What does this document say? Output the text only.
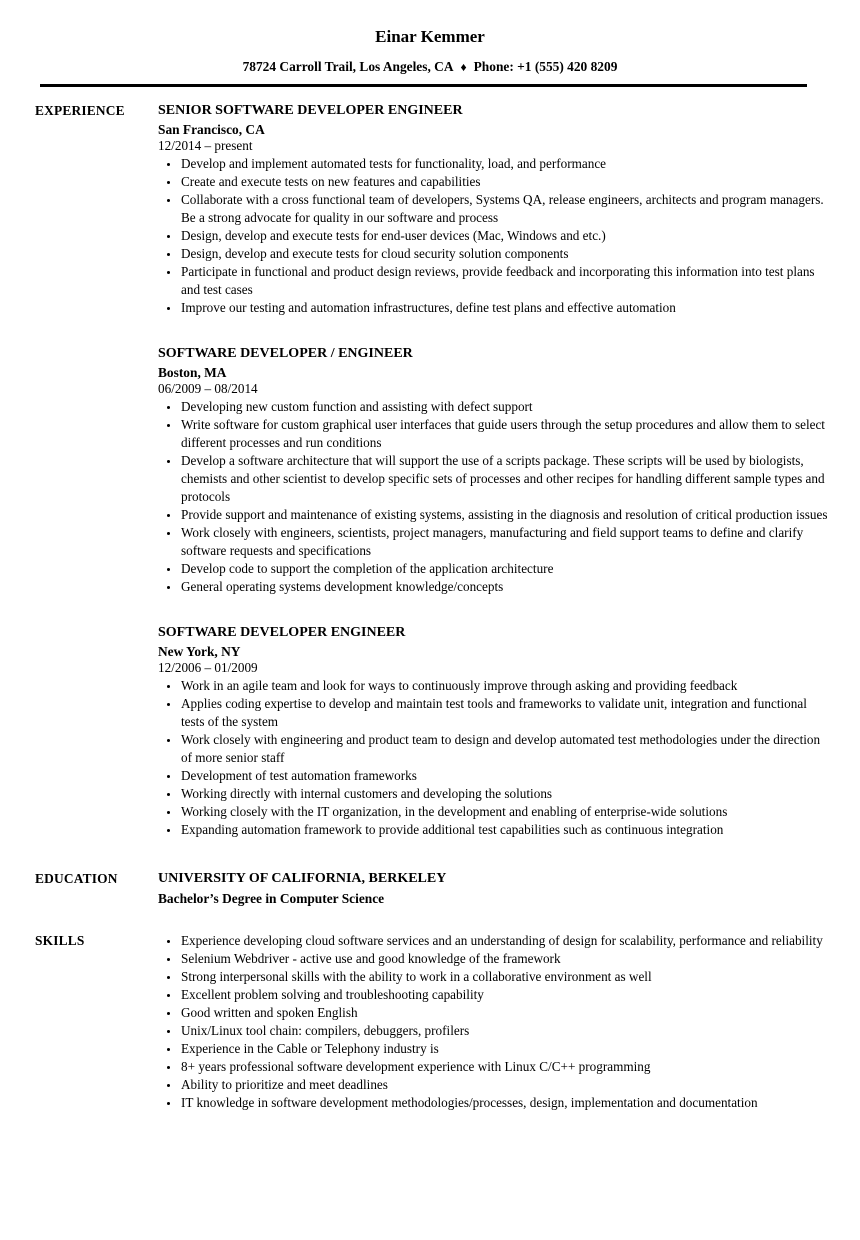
Einar Kemmer
78724 Carroll Trail, Los Angeles, CA ♦ Phone: +1 (555) 420 8209
EXPERIENCE	SENIOR SOFTWARE DEVELOPER ENGINEER
San Francisco, CA
12/2014 – present
• Develop and implement automated tests for functionality, load, and performance
• Create and execute tests on new features and capabilities
• Collaborate with a cross functional team of developers, Systems QA, release engineers, architects and program managers. Be a strong advocate for quality in our software and process
• Design, develop and execute tests for end-user devices (Mac, Windows and etc.)
• Design, develop and execute tests for cloud security solution components
• Participate in functional and product design reviews, provide feedback and incorporating this information into test plans and test cases
• Improve our testing and automation infrastructures, define test plans and effective automation
SOFTWARE DEVELOPER / ENGINEER
Boston, MA
06/2009 – 08/2014
• Developing new custom function and assisting with defect support
• Write software for custom graphical user interfaces that guide users through the setup procedures and allow them to select different processes and run conditions
• Develop a software architecture that will support the use of a scripts package. These scripts will be used by biologists, chemists and other scientist to develop specific sets of processes and other recipes for handling different sample types and protocols
• Provide support and maintenance of existing systems, assisting in the diagnosis and resolution of critical production issues
• Work closely with engineers, scientists, project managers, manufacturing and field support teams to define and clarify software requests and specifications
• Develop code to support the completion of the application architecture
• General operating systems development knowledge/concepts
SOFTWARE DEVELOPER ENGINEER
New York, NY
12/2006 – 01/2009
• Work in an agile team and look for ways to continuously improve through asking and providing feedback
• Applies coding expertise to develop and maintain test tools and frameworks to validate unit, integration and functional tests of the system
• Work closely with engineering and product team to design and develop automated test methodologies under the direction of more senior staff
• Development of test automation frameworks
• Working directly with internal customers and developing the solutions
• Working closely with the IT organization, in the development and enabling of enterprise-wide solutions
• Expanding automation framework to provide additional test capabilities such as continuous integration
EDUCATION	UNIVERSITY OF CALIFORNIA, BERKELEY
Bachelor’s Degree in Computer Science
SKILLS	• Experience developing cloud software services and an understanding of design for scalability, performance and reliability
• Selenium Webdriver - active use and good knowledge of the framework
• Strong interpersonal skills with the ability to work in a collaborative environment as well
• Excellent problem solving and troubleshooting capability
• Good written and spoken English
• Unix/Linux tool chain: compilers, debuggers, profilers
• Experience in the Cable or Telephony industry is
• 8+ years professional software development experience with Linux C/C++ programming
• Ability to prioritize and meet deadlines
• IT knowledge in software development methodologies/processes, design, implementation and documentation
